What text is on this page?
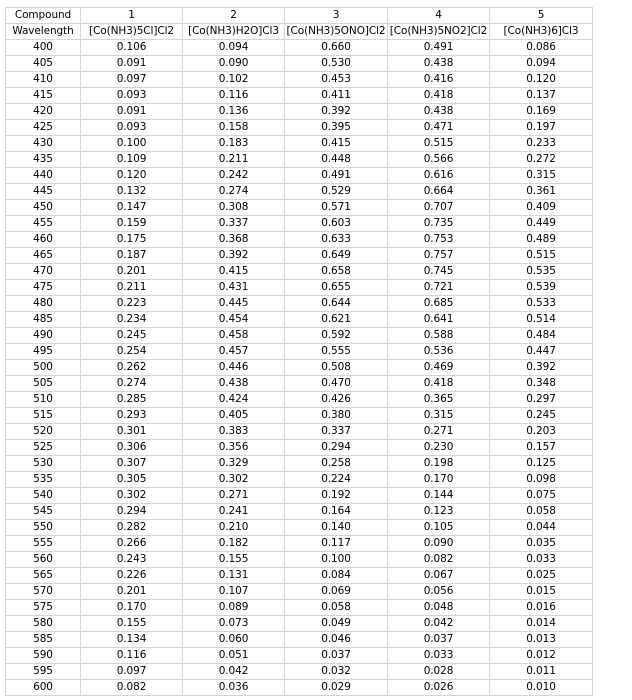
Compound	1	2	3	4	5
Wavelength	[Co(NH3)5Cl]Cl2	[Co(NH3)H2O]Cl3	[Co(NH3)5ONO]Cl2	[Co(NH3)5NO2]Cl2	[Co(NH3)6]Cl3
400	0.106	0.094	0.660	0.491	0.086
405	0.091	0.090	0.530	0.438	0.094
410	0.097	0.102	0.453	0.416	0.120
415	0.093	0.116	0.411	0.418	0.137
420	0.091	0.136	0.392	0.438	0.169
425	0.093	0.158	0.395	0.471	0.197
430	0.100	0.183	0.415	0.515	0.233
435	0.109	0.211	0.448	0.566	0.272
440	0.120	0.242	0.491	0.616	0.315
445	0.132	0.274	0.529	0.664	0.361
450	0.147	0.308	0.571	0.707	0.409
455	0.159	0.337	0.603	0.735	0.449
460	0.175	0.368	0.633	0.753	0.489
465	0.187	0.392	0.649	0.757	0.515
470	0.201	0.415	0.658	0.745	0.535
475	0.211	0.431	0.655	0.721	0.539
480	0.223	0.445	0.644	0.685	0.533
485	0.234	0.454	0.621	0.641	0.514
490	0.245	0.458	0.592	0.588	0.484
495	0.254	0.457	0.555	0.536	0.447
500	0.262	0.446	0.508	0.469	0.392
505	0.274	0.438	0.470	0.418	0.348
510	0.285	0.424	0.426	0.365	0.297
515	0.293	0.405	0.380	0.315	0.245
520	0.301	0.383	0.337	0.271	0.203
525	0.306	0.356	0.294	0.230	0.157
530	0.307	0.329	0.258	0.198	0.125
535	0.305	0.302	0.224	0.170	0.098
540	0.302	0.271	0.192	0.144	0.075
545	0.294	0.241	0.164	0.123	0.058
550	0.282	0.210	0.140	0.105	0.044
555	0.266	0.182	0.117	0.090	0.035
560	0.243	0.155	0.100	0.082	0.033
565	0.226	0.131	0.084	0.067	0.025
570	0.201	0.107	0.069	0.056	0.015
575	0.170	0.089	0.058	0.048	0.016
580	0.155	0.073	0.049	0.042	0.014
585	0.134	0.060	0.046	0.037	0.013
590	0.116	0.051	0.037	0.033	0.012
595	0.097	0.042	0.032	0.028	0.011
600	0.082	0.036	0.029	0.026	0.010
